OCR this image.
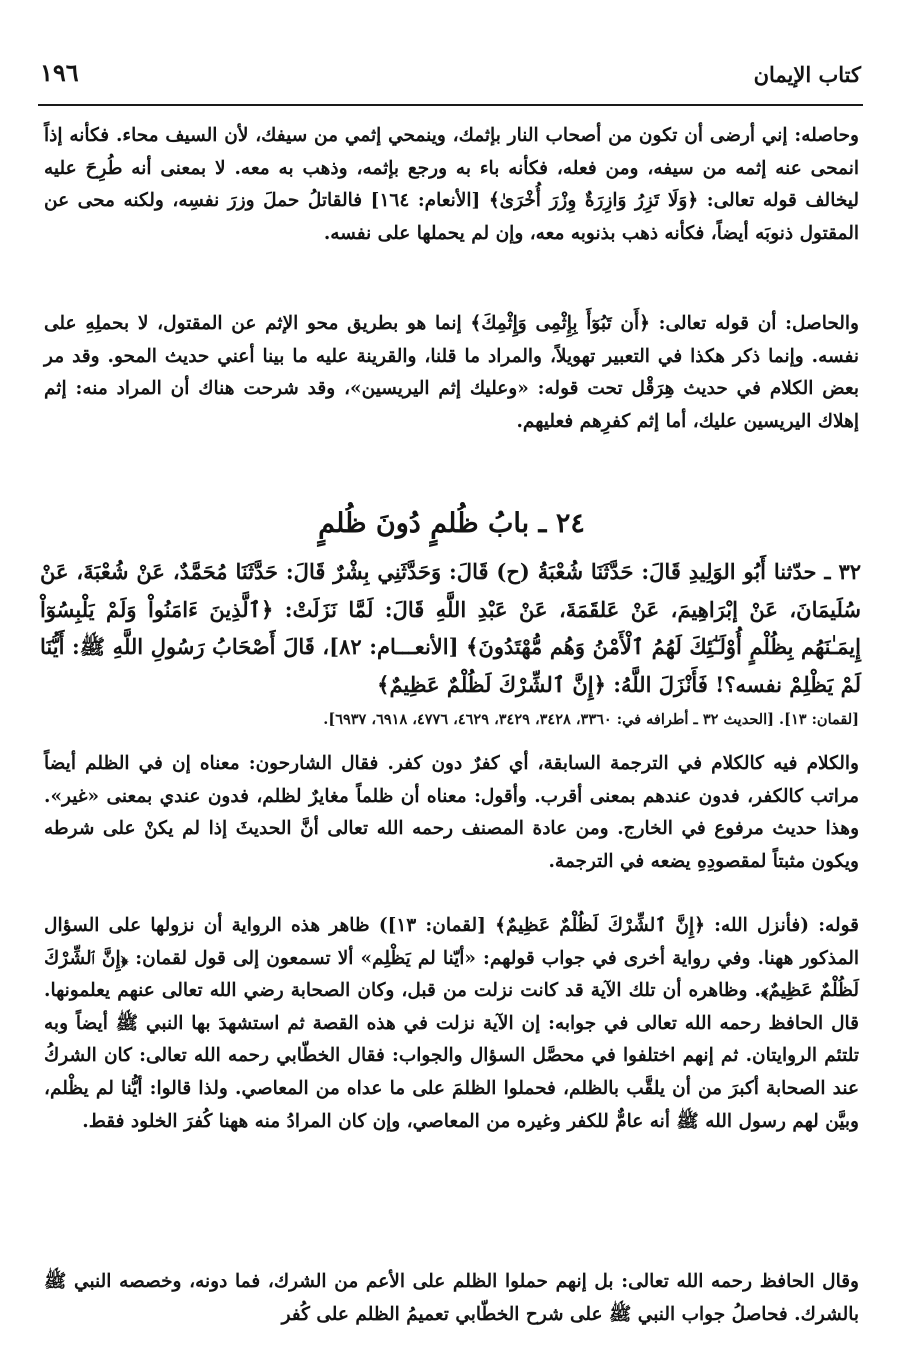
كتاب الإيمان
١٩٦
وحاصله: إني أرضى أن تكون من أصحاب النار بإثمك، وينمحي إثمي من سيفك، لأن السيف محاء. فكأنه إذاً انمحى عنه إثمه من سيفه، ومن فعله، فكأنه باء به ورجع بإثمه، وذهب به معه. لا بمعنى أنه طُرِحَ عليه ليخالف قوله تعالى: ﴿وَلَا تَزِرُ وَازِرَةٌ وِزْرَ أُخْرَىٰ﴾ [الأنعام: ١٦٤] فالقاتلُ حملَ وزرَ نفسِه، ولكنه محى عن المقتول ذنوبَه أيضاً، فكأنه ذهب بذنوبه معه، وإن لم يحملها على نفسه.
والحاصل: أن قوله تعالى: ﴿أَن تَبُوٓأَ بِإِثْمِى وَإِثْمِكَ﴾ إنما هو بطريق محو الإثم عن المقتول، لا بحملِهِ على نفسه. وإنما ذكر هكذا في التعبير تهويلاً، والمراد ما قلنا، والقرينة عليه ما بينا أعني حديث المحو. وقد مر بعض الكلام في حديث هِرَقْل تحت قوله: «وعليك إثم اليريسين»، وقد شرحت هناك أن المراد منه: إثم إهلاك اليريسين عليك، أما إثم كفرِهم فعليهم.
٢٤ ـ بابُ ظُلمٍ دُونَ ظُلمٍ
٣٢ ـ حدّثنا أَبُو الوَلِيدِ قَالَ: حَدَّثَنَا شُعْبَةُ (ح) قَالَ: وَحَدَّثَنِي بِشْرٌ قَالَ: حَدَّثَنَا مُحَمَّدٌ، عَنْ شُعْبَةَ، عَنْ سُلَيمَانَ، عَنْ إبْرَاهِيمَ، عَنْ عَلقَمَةَ، عَنْ عَبْدِ اللَّهِ قَالَ: لَمَّا نَزَلَتْ: ﴿ٱلَّذِينَ ءَامَنُواْ وَلَمْ يَلْبِسُوٓاْ إِيمَـٰنَهُم بِظُلْمٍ أُوْلَـٰٓئِكَ لَهُمُ ٱلْأَمْنُ وَهُم مُّهْتَدُونَ﴾ [الأنعـــام: ٨٢]، قَالَ أَصْحَابُ رَسُولِ اللَّهِ ﷺ: أَيُّنَا لَمْ يَظْلِمْ نفسه؟! فَأَنْزَلَ اللَّهُ: ﴿إِنَّ ٱلشِّرْكَ لَظُلْمٌ عَظِيمٌ﴾
[لقمان: ١٣]. [الحديث ٣٢ ـ أطرافه في: ٣٣٦٠، ٣٤٢٨، ٣٤٢٩، ٤٦٢٩، ٤٧٧٦، ٦٩١٨، ٦٩٣٧].
والكلام فيه كالكلام في الترجمة السابقة، أي كفرٌ دون كفر. فقال الشارحون: معناه إن في الظلم أيضاً مراتب كالكفر، فدون عندهم بمعنى أقرب. وأقول: معناه أن ظلماً مغايرٌ لظلم، فدون عندي بمعنى «غير». وهذا حديث مرفوع في الخارج. ومن عادة المصنف رحمه الله تعالى أنَّ الحديثَ إذا لم يكنْ على شرطه ويكون مثبتاً لمقصودِهِ يضعه في الترجمة.
قوله: (فأنزل الله: ﴿إِنَّ ٱلشِّرْكَ لَظُلْمٌ عَظِيمٌ﴾ [لقمان: ١٣]) ظاهر هذه الرواية أن نزولها على السؤال المذكور ههنا. وفي رواية أخرى في جواب قولهم: «أيّنا لم يَظْلِم» ألا تسمعون إلى قول لقمان: ﴿إِنَّ ٱلشِّرْكَ لَظُلْمٌ عَظِيمٌ﴾. وظاهره أن تلك الآية قد كانت نزلت من قبل، وكان الصحابة رضي الله تعالى عنهم يعلمونها. قال الحافظ رحمه الله تعالى في جوابه: إن الآية نزلت في هذه القصة ثم استشهدَ بها النبي ﷺ أيضاً وبه تلتئم الروايتان. ثم إنهم اختلفوا في محصَّل السؤال والجواب: فقال الخطّابي رحمه الله تعالى: كان الشركُ عند الصحابة أكبرَ من أن يلقَّب بالظلم، فحملوا الظلمَ على ما عداه من المعاصي. ولذا قالوا: أيُّنا لم يظْلم، وبيَّن لهم رسول الله ﷺ أنه عامٌّ للكفر وغيره من المعاصي، وإن كان المرادُ منه ههنا كُفرَ الخلود فقط.
وقال الحافظ رحمه الله تعالى: بل إنهم حملوا الظلم على الأعم من الشرك، فما دونه، وخصصه النبي ﷺ بالشرك. فحاصلُ جواب النبي ﷺ على شرح الخطّابي تعميمُ الظلم على كُفر
